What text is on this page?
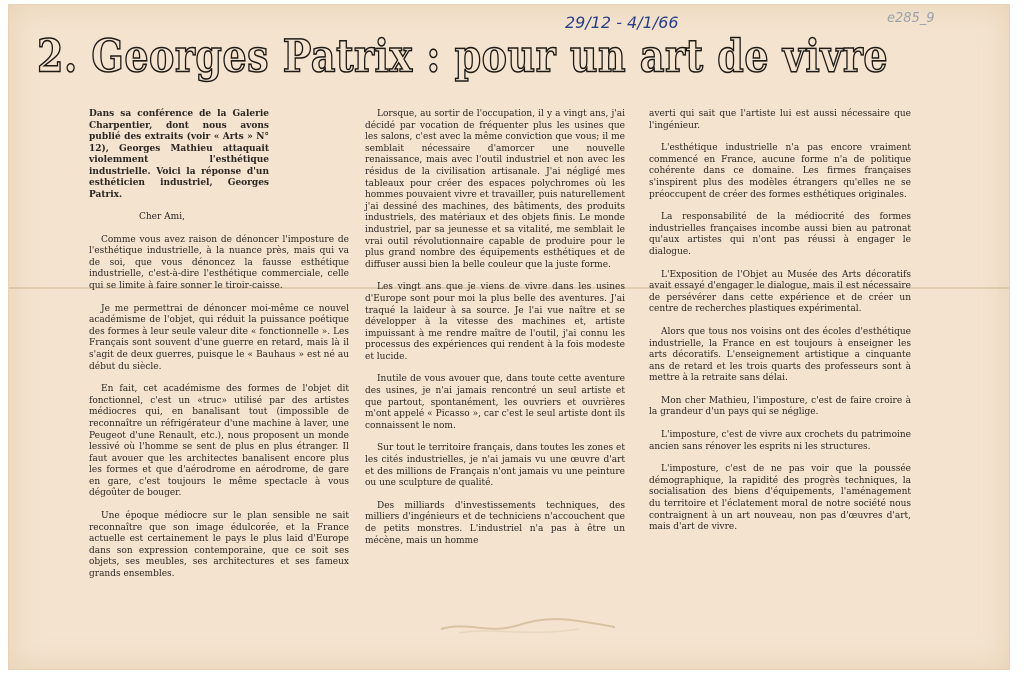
29/12 - 4/1/66	e285_9
2. Georges Patrix : pour un art de vivre

Dans sa conférence de la Galerie Charpentier, dont nous avons publié des extraits (voir « Arts » N° 12), Georges Mathieu attaquait violemment l'esthétique industrielle. Voici la réponse d'un esthéticien industriel, Georges Patrix.

Cher Ami,

Comme vous avez raison de dénoncer l'imposture de l'esthétique industrielle, à la nuance près, mais qui va de soi, que vous dénoncez la fausse esthétique industrielle, c'est-à-dire l'esthétique commerciale, celle qui se limite à faire sonner le tiroir-caisse.

Je me permettrai de dénoncer moi-même ce nouvel académisme de l'objet, qui réduit la puissance poétique des formes à leur seule valeur dite « fonctionnelle ». Les Français sont souvent d'une guerre en retard, mais là il s'agit de deux guerres, puisque le « Bauhaus » est né au début du siècle.

En fait, cet académisme des formes de l'objet dit fonctionnel, c'est un «truc» utilisé par des artistes médiocres qui, en banalisant tout (impossible de reconnaître un réfrigérateur d'une machine à laver, une Peugeot d'une Renault, etc.), nous proposent un monde lessivé où l'homme se sent de plus en plus étranger. Il faut avouer que les architectes banalisent encore plus les formes et que d'aérodrome en aérodrome, de gare en gare, c'est toujours le même spectacle à vous dégoûter de bouger.

Une époque médiocre sur le plan sensible ne sait reconnaître que son image édulcorée, et la France actuelle est certainement le pays le plus laid d'Europe dans son expression contemporaine, que ce soit ses objets, ses meubles, ses architectures et ses fameux grands ensembles.

Lorsque, au sortir de l'occupation, il y a vingt ans, j'ai décidé par vocation de fréquenter plus les usines que les salons, c'est avec la même conviction que vous; il me semblait nécessaire d'amorcer une nouvelle renaissance, mais avec l'outil industriel et non avec les résidus de la civilisation artisanale. J'ai négligé mes tableaux pour créer des espaces polychromes où les hommes pouvaient vivre et travailler, puis naturellement j'ai dessiné des machines, des bâtiments, des produits industriels, des matériaux et des objets finis. Le monde industriel, par sa jeunesse et sa vitalité, me semblait le vrai outil révolutionnaire capable de produire pour le plus grand nombre des équipements esthétiques et de diffuser aussi bien la belle couleur que la juste forme.

Les vingt ans que je viens de vivre dans les usines d'Europe sont pour moi la plus belle des aventures. J'ai traqué la laideur à sa source. Je l'ai vue naître et se développer à la vitesse des machines et, artiste impuissant à me rendre maître de l'outil, j'ai connu les processus des expériences qui rendent à la fois modeste et lucide.

Inutile de vous avouer que, dans toute cette aventure des usines, je n'ai jamais rencontré un seul artiste et que partout, spontanément, les ouvriers et ouvrières m'ont appelé « Picasso », car c'est le seul artiste dont ils connaissent le nom.

Sur tout le territoire français, dans toutes les zones et les cités industrielles, je n'ai jamais vu une œuvre d'art et des millions de Français n'ont jamais vu une peinture ou une sculpture de qualité.

Des milliards d'investissements techniques, des milliers d'ingénieurs et de techniciens n'accouchent que de petits monstres. L'industriel n'a pas à être un mécène, mais un homme

averti qui sait que l'artiste lui est aussi nécessaire que l'ingénieur.

L'esthétique industrielle n'a pas encore vraiment commencé en France, aucune forme n'a de politique cohérente dans ce domaine. Les firmes françaises s'inspirent plus des modèles étrangers qu'elles ne se préoccupent de créer des formes esthétiques originales.

La responsabilité de la médiocrité des formes industrielles françaises incombe aussi bien au patronat qu'aux artistes qui n'ont pas réussi à engager le dialogue.

L'Exposition de l'Objet au Musée des Arts décoratifs avait essayé d'engager le dialogue, mais il est nécessaire de persévérer dans cette expérience et de créer un centre de recherches plastiques expérimental.

Alors que tous nos voisins ont des écoles d'esthétique industrielle, la France en est toujours à enseigner les arts décoratifs. L'enseignement artistique a cinquante ans de retard et les trois quarts des professeurs sont à mettre à la retraite sans délai.

Mon cher Mathieu, l'imposture, c'est de faire croire à la grandeur d'un pays qui se néglige.

L'imposture, c'est de vivre aux crochets du patrimoine ancien sans rénover les esprits ni les structures.

L'imposture, c'est de ne pas voir que la poussée démographique, la rapidité des progrès techniques, la socialisation des biens d'équipements, l'aménagement du territoire et l'éclatement moral de notre société nous contraignent à un art nouveau, non pas d'œuvres d'art, mais d'art de vivre.
